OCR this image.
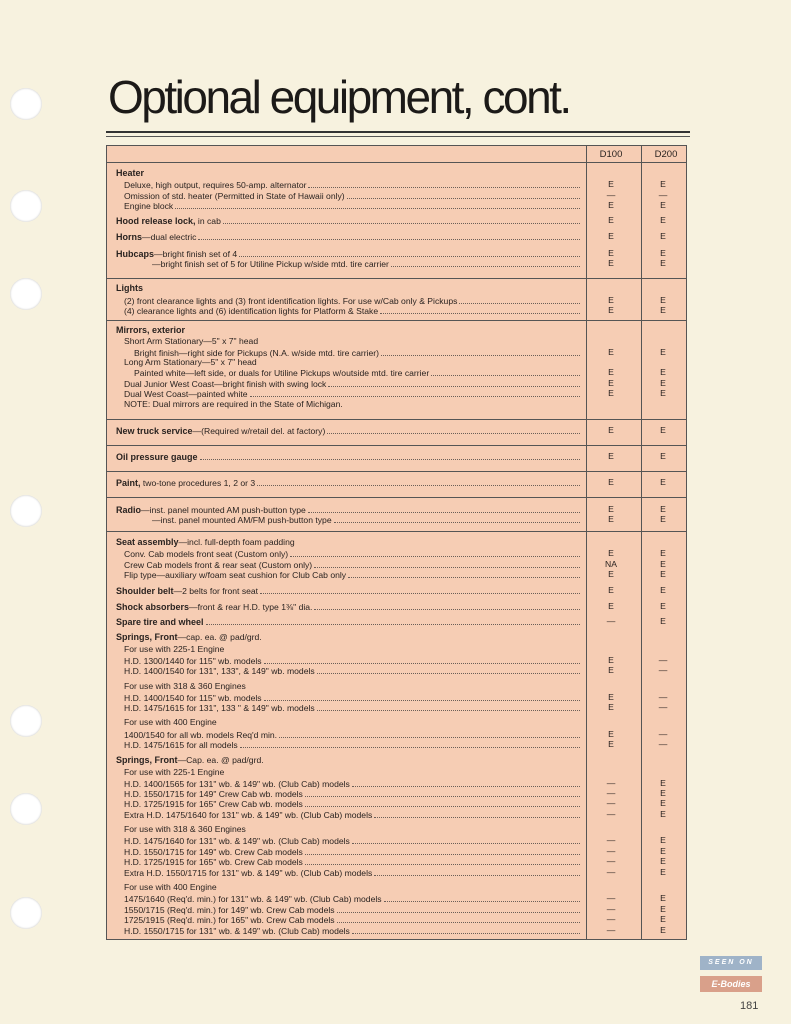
Optional equipment, cont.
D100	D200
Heater
Deluxe, high output, requires 50-amp. alternator	E	E
Omission of std. heater (Permitted in State of Hawaii only)	—	—
Engine block	E	E
Hood release lock, in cab	E	E
Horns—dual electric	E	E
Hubcaps—bright finish set of 4	E	E
—bright finish set of 5 for Utiline Pickup w/side mtd. tire carrier	E	E
Lights
(2) front clearance lights and (3) front identification lights. For use w/Cab only & Pickups	E	E
(4) clearance lights and (6) identification lights for Platform & Stake	E	E
Mirrors, exterior
Short Arm Stationary—5" x 7" head
Bright finish—right side for Pickups (N.A. w/side mtd. tire carrier)	E	E
Long Arm Stationary—5" x 7" head
Painted white—left side, or duals for Utiline Pickups w/outside mtd. tire carrier	E	E
Dual Junior West Coast—bright finish with swing lock	E	E
Dual West Coast—painted white	E	E
NOTE: Dual mirrors are required in the State of Michigan.
New truck service—(Required w/retail del. at factory)	E	E
Oil pressure gauge	E	E
Paint, two-tone procedures 1, 2 or 3	E	E
Radio—inst. panel mounted AM push-button type	E	E
—inst. panel mounted AM/FM push-button type	E	E
Seat assembly—incl. full-depth foam padding
Conv. Cab models front seat (Custom only)	E	E
Crew Cab models front & rear seat (Custom only)	NA	E
Flip type—auxiliary w/foam seat cushion for Club Cab only	E	E
Shoulder belt—2 belts for front seat	E	E
Shock absorbers—front & rear H.D. type 1⅜" dia.	E	E
Spare tire and wheel	—	E
Springs, Front—cap. ea. @ pad/grd.
For use with 225-1 Engine
H.D. 1300/1440 for 115" wb. models	E	—
H.D. 1400/1540 for 131", 133", & 149" wb. models	E	—
For use with 318 & 360 Engines
H.D. 1400/1540 for 115" wb. models	E	—
H.D. 1475/1615 for 131", 133 " & 149" wb. models	E	—
For use with 400 Engine
1400/1540 for all wb. models Req'd min.	E	—
H.D. 1475/1615 for all models	E	—
Springs, Front—Cap. ea. @ pad/grd.
For use with 225-1 Engine
H.D. 1400/1565 for 131" wb. & 149" wb. (Club Cab) models	—	E
H.D. 1550/1715 for 149" Crew Cab wb. models	—	E
H.D. 1725/1915 for 165" Crew Cab wb. models	—	E
Extra H.D. 1475/1640 for 131" wb. & 149" wb. (Club Cab) models	—	E
For use with 318 & 360 Engines
H.D. 1475/1640 for 131" wb. & 149" wb. (Club Cab) models	—	E
H.D. 1550/1715 for 149" wb. Crew Cab models	—	E
H.D. 1725/1915 for 165" wb. Crew Cab models	—	E
Extra H.D. 1550/1715 for 131" wb. & 149" wb. (Club Cab) models	—	E
For use with 400 Engine
1475/1640 (Req'd. min.) for 131" wb. & 149" wb. (Club Cab) models	—	E
1550/1715 (Req'd. min.) for 149" wb. Crew Cab models	—	E
1725/1915 (Req'd. min.) for 165" wb. Crew Cab models	—	E
H.D. 1550/1715 for 131" wb. & 149" wb. (Club Cab) models	—	E
SEEN ON
E-Bodies
181
